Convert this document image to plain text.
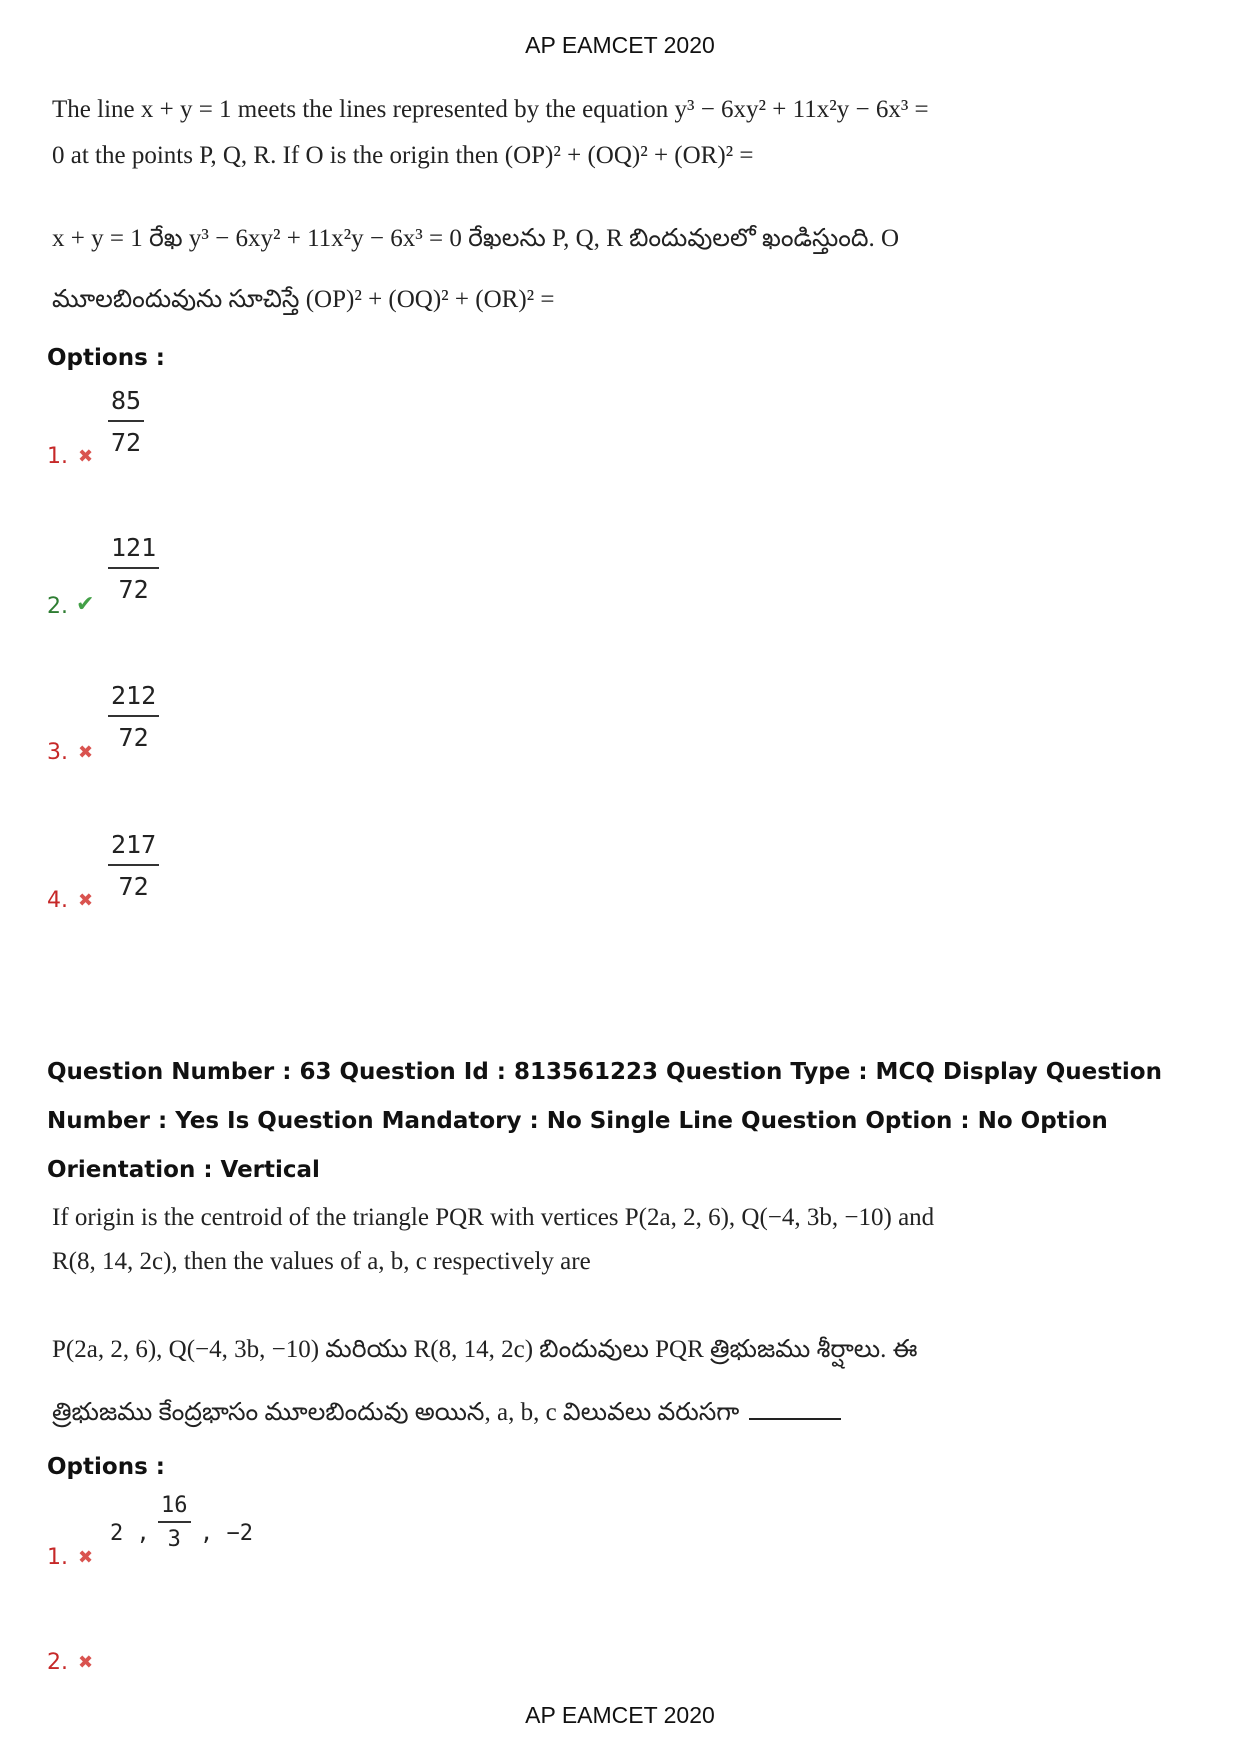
AP EAMCET 2020
The line x + y = 1 meets the lines represented by the equation y³ − 6xy² + 11x²y − 6x³ =
0 at the points P, Q, R. If O is the origin then (OP)² + (OQ)² + (OR)² =
x + y = 1 రేఖ y³ − 6xy² + 11x²y − 6x³ = 0 రేఖలను P, Q, R బిందువులలో ఖండిస్తుంది. O
మూలబిందువును సూచిస్తే (OP)² + (OQ)² + (OR)² =
Options :
85
72
1. ✖
121
72
2. ✔
212
72
3. ✖
217
72
4. ✖
Question Number : 63 Question Id : 813561223 Question Type : MCQ Display Question
Number : Yes Is Question Mandatory : No Single Line Question Option : No Option
Orientation : Vertical
If origin is the centroid of the triangle PQR with vertices P(2a, 2, 6), Q(−4, 3b, −10) and
R(8, 14, 2c), then the values of a, b, c respectively are
P(2a, 2, 6), Q(−4, 3b, −10) మరియు R(8, 14, 2c) బిందువులు PQR త్రిభుజము శీర్షాలు. ఈ
త్రిభుజము కేంద్రభాసం మూలబిందువు అయిన, a, b, c విలువలు వరుసగా
Options :
2 ,
16
3 , −2
1. ✖
2. ✖
AP EAMCET 2020
